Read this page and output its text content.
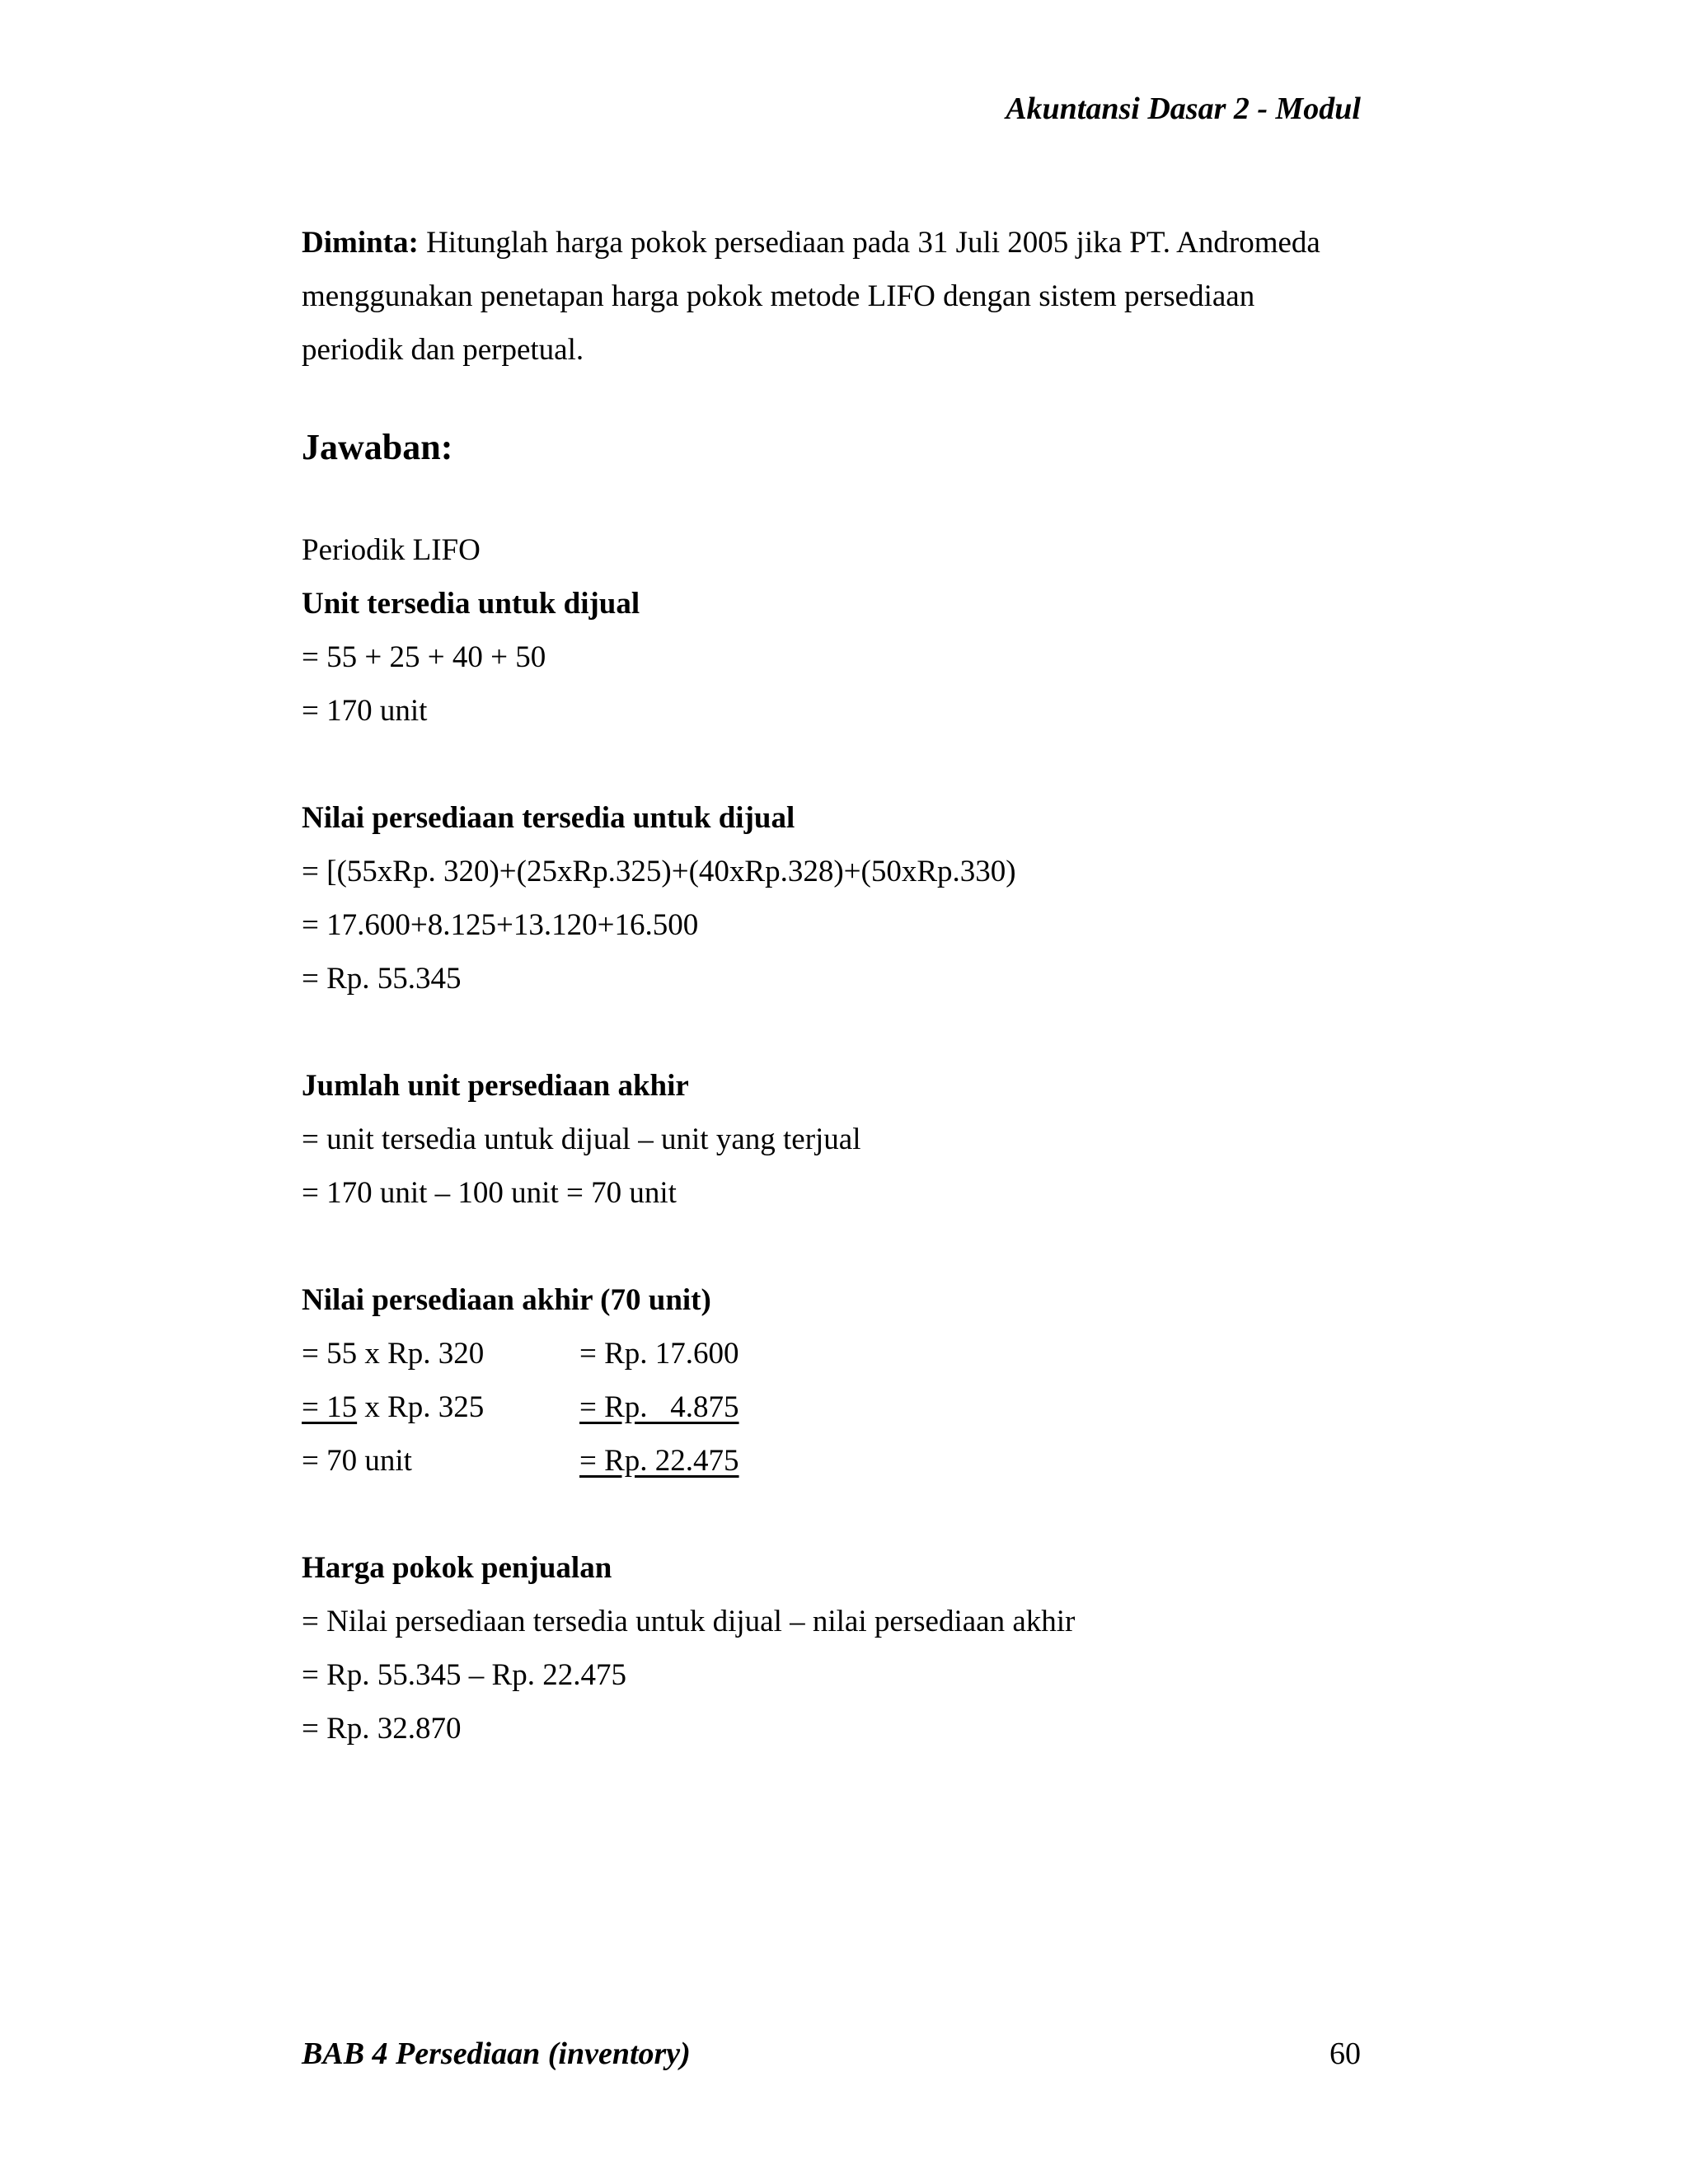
Akuntansi Dasar 2 - Modul
Diminta: Hitunglah harga pokok persediaan pada 31 Juli 2005 jika PT. Andromeda
menggunakan penetapan harga pokok metode LIFO dengan sistem persediaan
periodik dan perpetual.
Jawaban:
Periodik LIFO
Unit tersedia untuk dijual
= 55 + 25 + 40 + 50
= 170 unit
Nilai persediaan tersedia untuk dijual
= [(55xRp. 320)+(25xRp.325)+(40xRp.328)+(50xRp.330)
= 17.600+8.125+13.120+16.500
= Rp. 55.345
Jumlah unit persediaan akhir
= unit tersedia untuk dijual – unit yang terjual
= 170 unit – 100 unit = 70 unit
Nilai persediaan akhir (70 unit)
= 55 x Rp. 320	= Rp. 17.600
= 15 x Rp. 325	= Rp.   4.875
= 70 unit	= Rp. 22.475
Harga pokok penjualan
= Nilai persediaan tersedia untuk dijual – nilai persediaan akhir
= Rp. 55.345 – Rp. 22.475
= Rp. 32.870
BAB 4 Persediaan (inventory)	60
